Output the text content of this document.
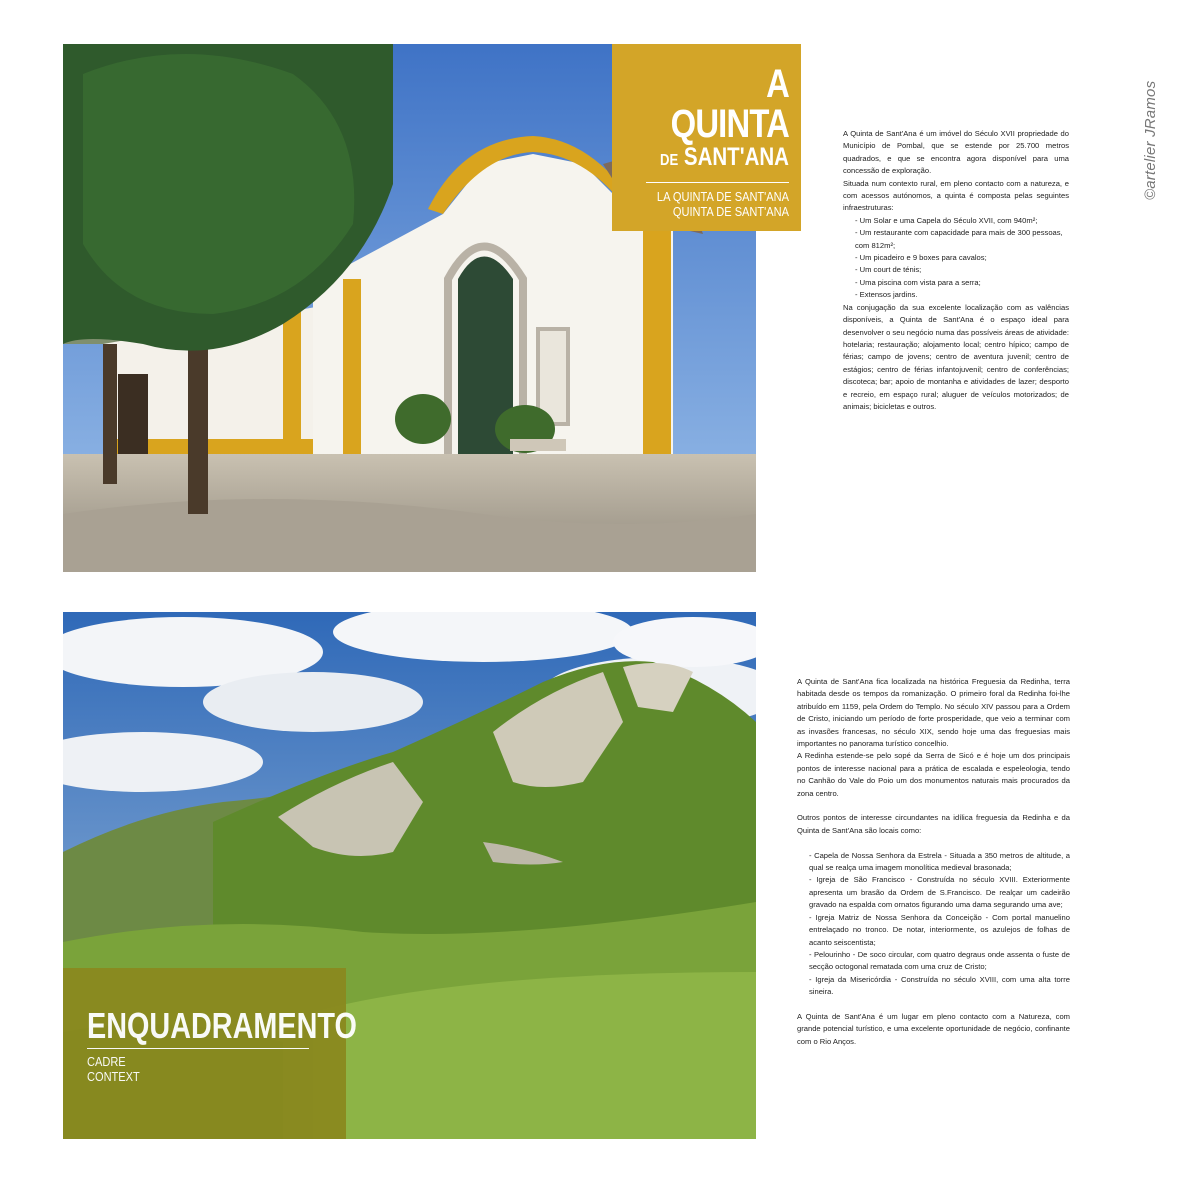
A QUINTA
DE SANT'ANA
LA QUINTA DE SANT'ANA
QUINTA DE SANT'ANA

A Quinta de Sant'Ana é um imóvel do Século XVII propriedade do Município de Pombal, que se estende por 25.700 metros quadrados, e que se encontra agora disponível para uma concessão de exploração.

Situada num contexto rural, em pleno contacto com a natureza, e com acessos autónomos, a quinta é composta pelas seguintes infraestruturas:

- Um Solar e uma Capela do Século XVII, com 940m²;

- Um restaurante com capacidade para mais de 300 pessoas, com 812m²;

- Um picadeiro e 9 boxes para cavalos;

- Um court de ténis;

- Uma piscina com vista para a serra;

- Extensos jardins.

Na conjugação da sua excelente localização com as valências disponíveis, a Quinta de Sant'Ana é o espaço ideal para desenvolver o seu negócio numa das possíveis áreas de atividade: hotelaria; restauração; alojamento local; centro hípico; campo de férias; campo de jovens; centro de aventura juvenil; centro de estágios; centro de férias infantojuvenil; centro de conferências; discoteca; bar; apoio de montanha e atividades de lazer; desporto e recreio, em espaço rural; aluguer de veículos motorizados; de animais; bicicletas e outros.

ENQUADRAMENTO
CADRE
CONTEXT

A Quinta de Sant'Ana fica localizada na histórica Freguesia da Redinha, terra habitada desde os tempos da romanização. O primeiro foral da Redinha foi-lhe atribuído em 1159, pela Ordem do Templo. No século XIV passou para a Ordem de Cristo, iniciando um período de forte prosperidade, que veio a terminar com as invasões francesas, no século XIX, sendo hoje uma das freguesias mais importantes no panorama turístico concelhio.

A Redinha estende-se pelo sopé da Serra de Sicó e é hoje um dos principais pontos de interesse nacional para a prática de escalada e espeleologia, tendo no Canhão do Vale do Poio um dos monumentos naturais mais procurados da zona centro.

Outros pontos de interesse circundantes na idílica freguesia da Redinha e da Quinta de Sant'Ana são locais como:

- Capela de Nossa Senhora da Estrela - Situada a 350 metros de altitude, a qual se realça uma imagem monolítica medieval brasonada;

- Igreja de São Francisco - Construída no século XVIII. Exteriormente apresenta um brasão da Ordem de S.Francisco. De realçar um cadeirão gravado na espalda com ornatos figurando uma dama segurando uma ave;

- Igreja Matriz de Nossa Senhora da Conceição - Com portal manuelino entrelaçado no tronco. De notar, interiormente, os azulejos de folhas de acanto seiscentista;

- Pelourinho - De soco circular, com quatro degraus onde assenta o fuste de secção octogonal rematada com uma cruz de Cristo;

- Igreja da Misericórdia - Construída no século XVIII, com uma alta torre sineira.

A Quinta de Sant'Ana é um lugar em pleno contacto com a Natureza, com grande potencial turístico, e uma excelente oportunidade de negócio, confinante com o Rio Anços.

©artelier JRamos
